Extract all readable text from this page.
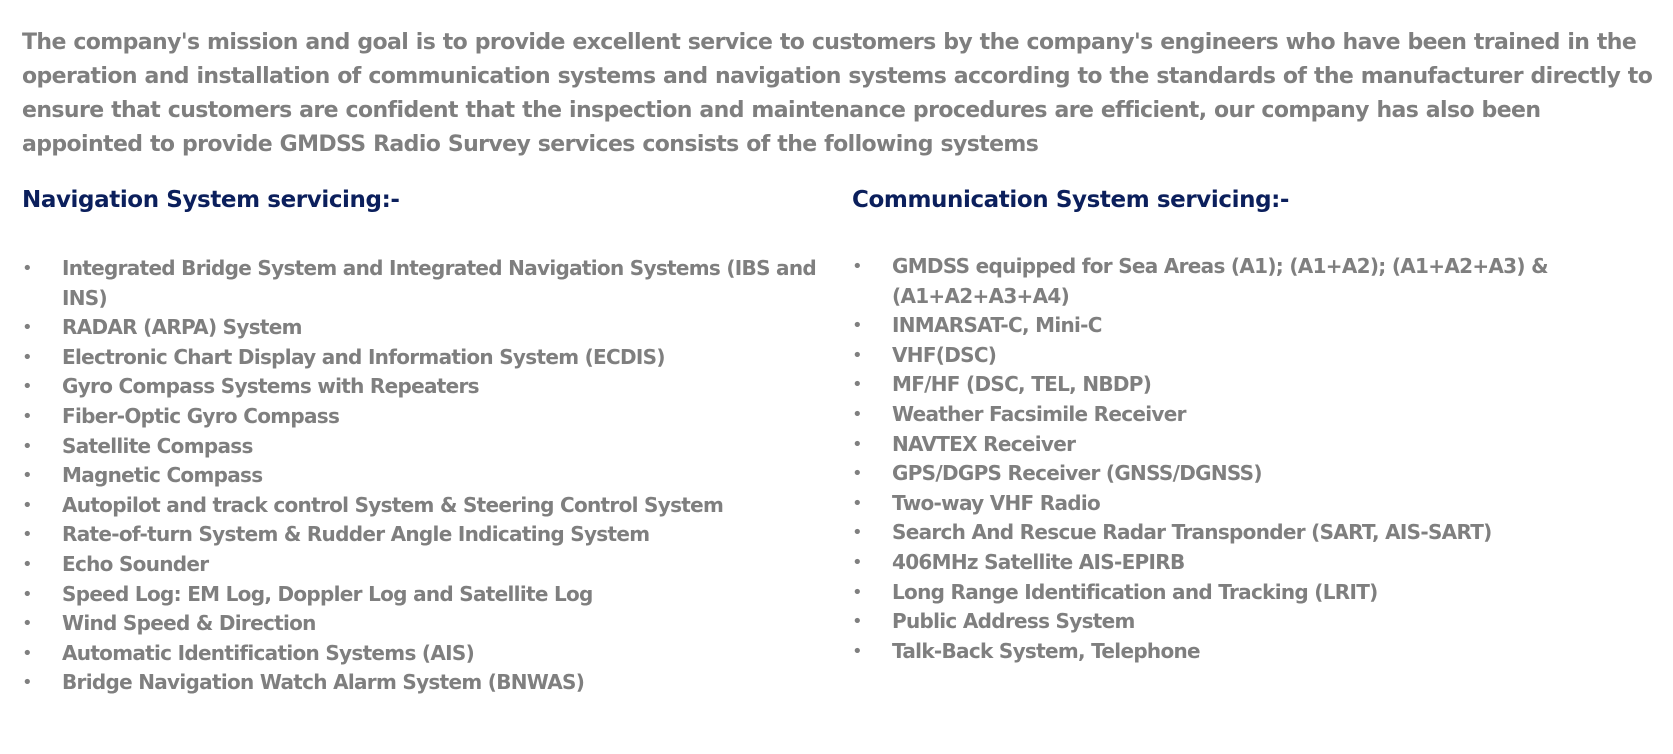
The company's mission and goal is to provide excellent service to customers by the company's engineers who have been trained in the operation and installation of communication systems and navigation systems according to the standards of the manufacturer directly to ensure that customers are confident that the inspection and maintenance procedures are efficient, our company has also been appointed to provide GMDSS Radio Survey services consists of the following systems

Navigation System servicing:-
•	Integrated Bridge System and Integrated Navigation Systems (IBS and INS)
•	RADAR (ARPA) System
•	Electronic Chart Display and Information System (ECDIS)
•	Gyro Compass Systems with Repeaters
•	Fiber-Optic Gyro Compass
•	Satellite Compass
•	Magnetic Compass
•	Autopilot and track control System & Steering Control System
•	Rate-of-turn System & Rudder Angle Indicating System
•	Echo Sounder
•	Speed Log: EM Log, Doppler Log and Satellite Log
•	Wind Speed & Direction
•	Automatic Identification Systems (AIS)
•	Bridge Navigation Watch Alarm System (BNWAS)
Communication System servicing:-
•	GMDSS equipped for Sea Areas (A1); (A1+A2); (A1+A2+A3) & (A1+A2+A3+A4)
•	INMARSAT-C, Mini-C
•	VHF(DSC)
•	MF/HF (DSC, TEL, NBDP)
•	Weather Facsimile Receiver
•	NAVTEX Receiver
•	GPS/DGPS Receiver (GNSS/DGNSS)
•	Two-way VHF Radio
•	Search And Rescue Radar Transponder (SART, AIS-SART)
•	406MHz Satellite AIS-EPIRB
•	Long Range Identification and Tracking (LRIT)
•	Public Address System
•	Talk-Back System, Telephone
